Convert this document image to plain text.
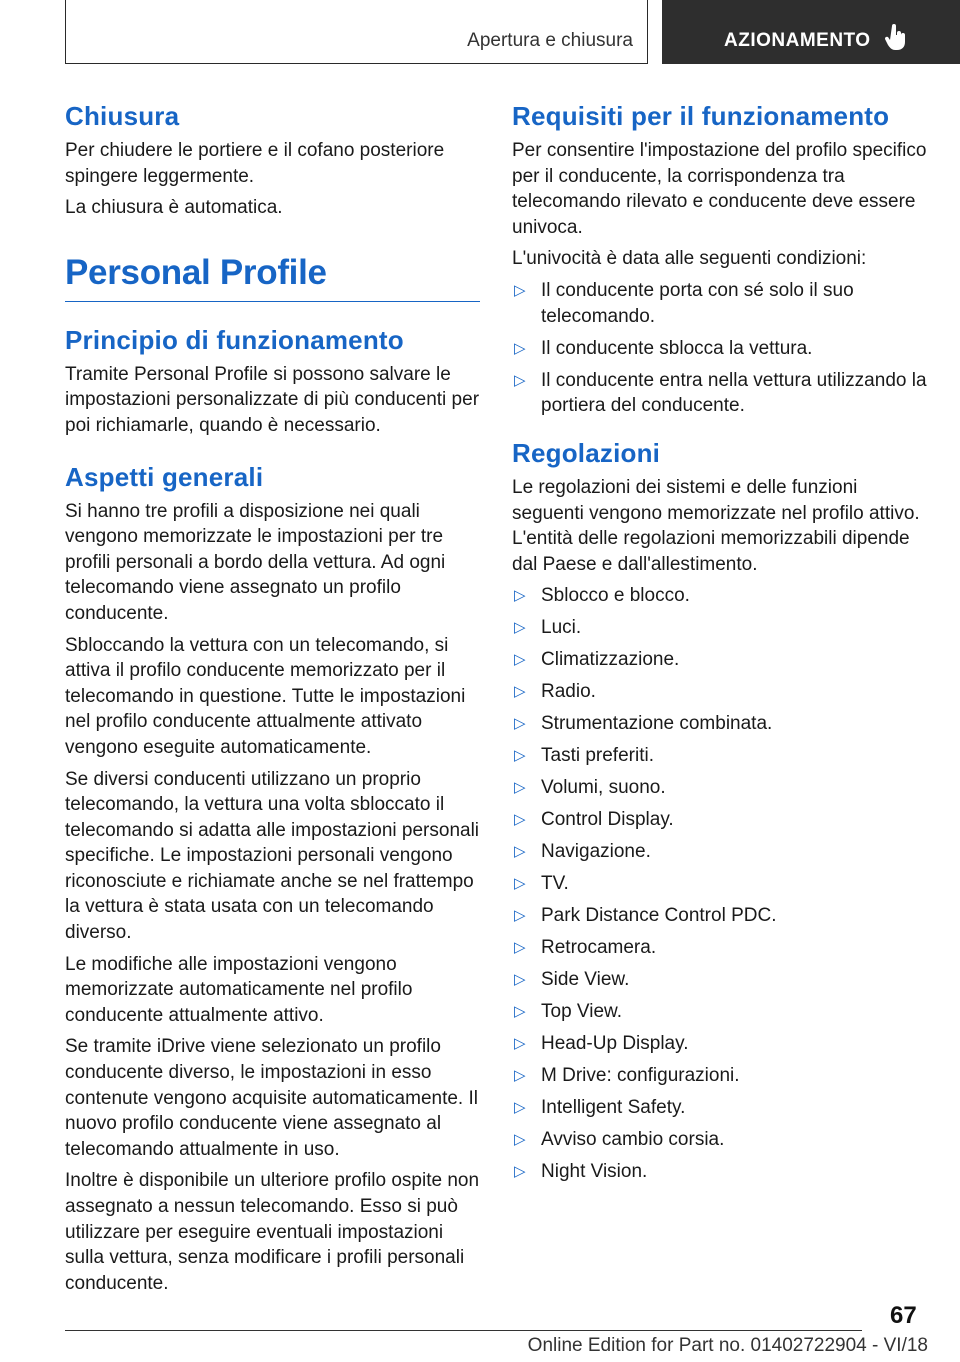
Apertura e chiusura	AZIONAMENTO
Chiusura

Per chiudere le portiere e il cofano posteriore spingere leggermente.

La chiusura è automatica.

Personal Profile
Principio di funzionamento

Tramite Personal Profile si possono salvare le impostazioni personalizzate di più conducenti per poi richiamarle, quando è necessario.

Aspetti generali

Si hanno tre profili a disposizione nei quali vengono memorizzate le impostazioni per tre profili personali a bordo della vettura. Ad ogni telecomando viene assegnato un profilo conducente.

Sbloccando la vettura con un telecomando, si attiva il profilo conducente memorizzato per il telecomando in questione. Tutte le impostazioni nel profilo conducente attualmente attivato vengono eseguite automaticamente.

Se diversi conducenti utilizzano un proprio telecomando, la vettura una volta sbloccato il telecomando si adatta alle impostazioni personali specifiche. Le impostazioni personali vengono riconosciute e richiamate anche se nel frattempo la vettura è stata usata con un telecomando diverso.

Le modifiche alle impostazioni vengono memorizzate automaticamente nel profilo conducente attualmente attivo.

Se tramite iDrive viene selezionato un profilo conducente diverso, le impostazioni in esso contenute vengono acquisite automaticamente. Il nuovo profilo conducente viene assegnato al telecomando attualmente in uso.

Inoltre è disponibile un ulteriore profilo ospite non assegnato a nessun telecomando. Esso si può utilizzare per eseguire eventuali impostazioni sulla vettura, senza modificare i profili personali conducente.

Requisiti per il funzionamento

Per consentire l'impostazione del profilo specifico per il conducente, la corrispondenza tra telecomando rilevato e conducente deve essere univoca.

L'univocità è data alle seguenti condizioni:

▷ Il conducente porta con sé solo il suo telecomando.
▷ Il conducente sblocca la vettura.
▷ Il conducente entra nella vettura utilizzando la portiera del conducente.
Regolazioni

Le regolazioni dei sistemi e delle funzioni seguenti vengono memorizzate nel profilo attivo. L'entità delle regolazioni memorizzabili dipende dal Paese e dall'allestimento.

▷ Sblocco e blocco.
▷ Luci.
▷ Climatizzazione.
▷ Radio.
▷ Strumentazione combinata.
▷ Tasti preferiti.
▷ Volumi, suono.
▷ Control Display.
▷ Navigazione.
▷ TV.
▷ Park Distance Control PDC.
▷ Retrocamera.
▷ Side View.
▷ Top View.
▷ Head-Up Display.
▷ M Drive: configurazioni.
▷ Intelligent Safety.
▷ Avviso cambio corsia.
▷ Night Vision.
67
Online Edition for Part no. 01402722904 - VI/18
